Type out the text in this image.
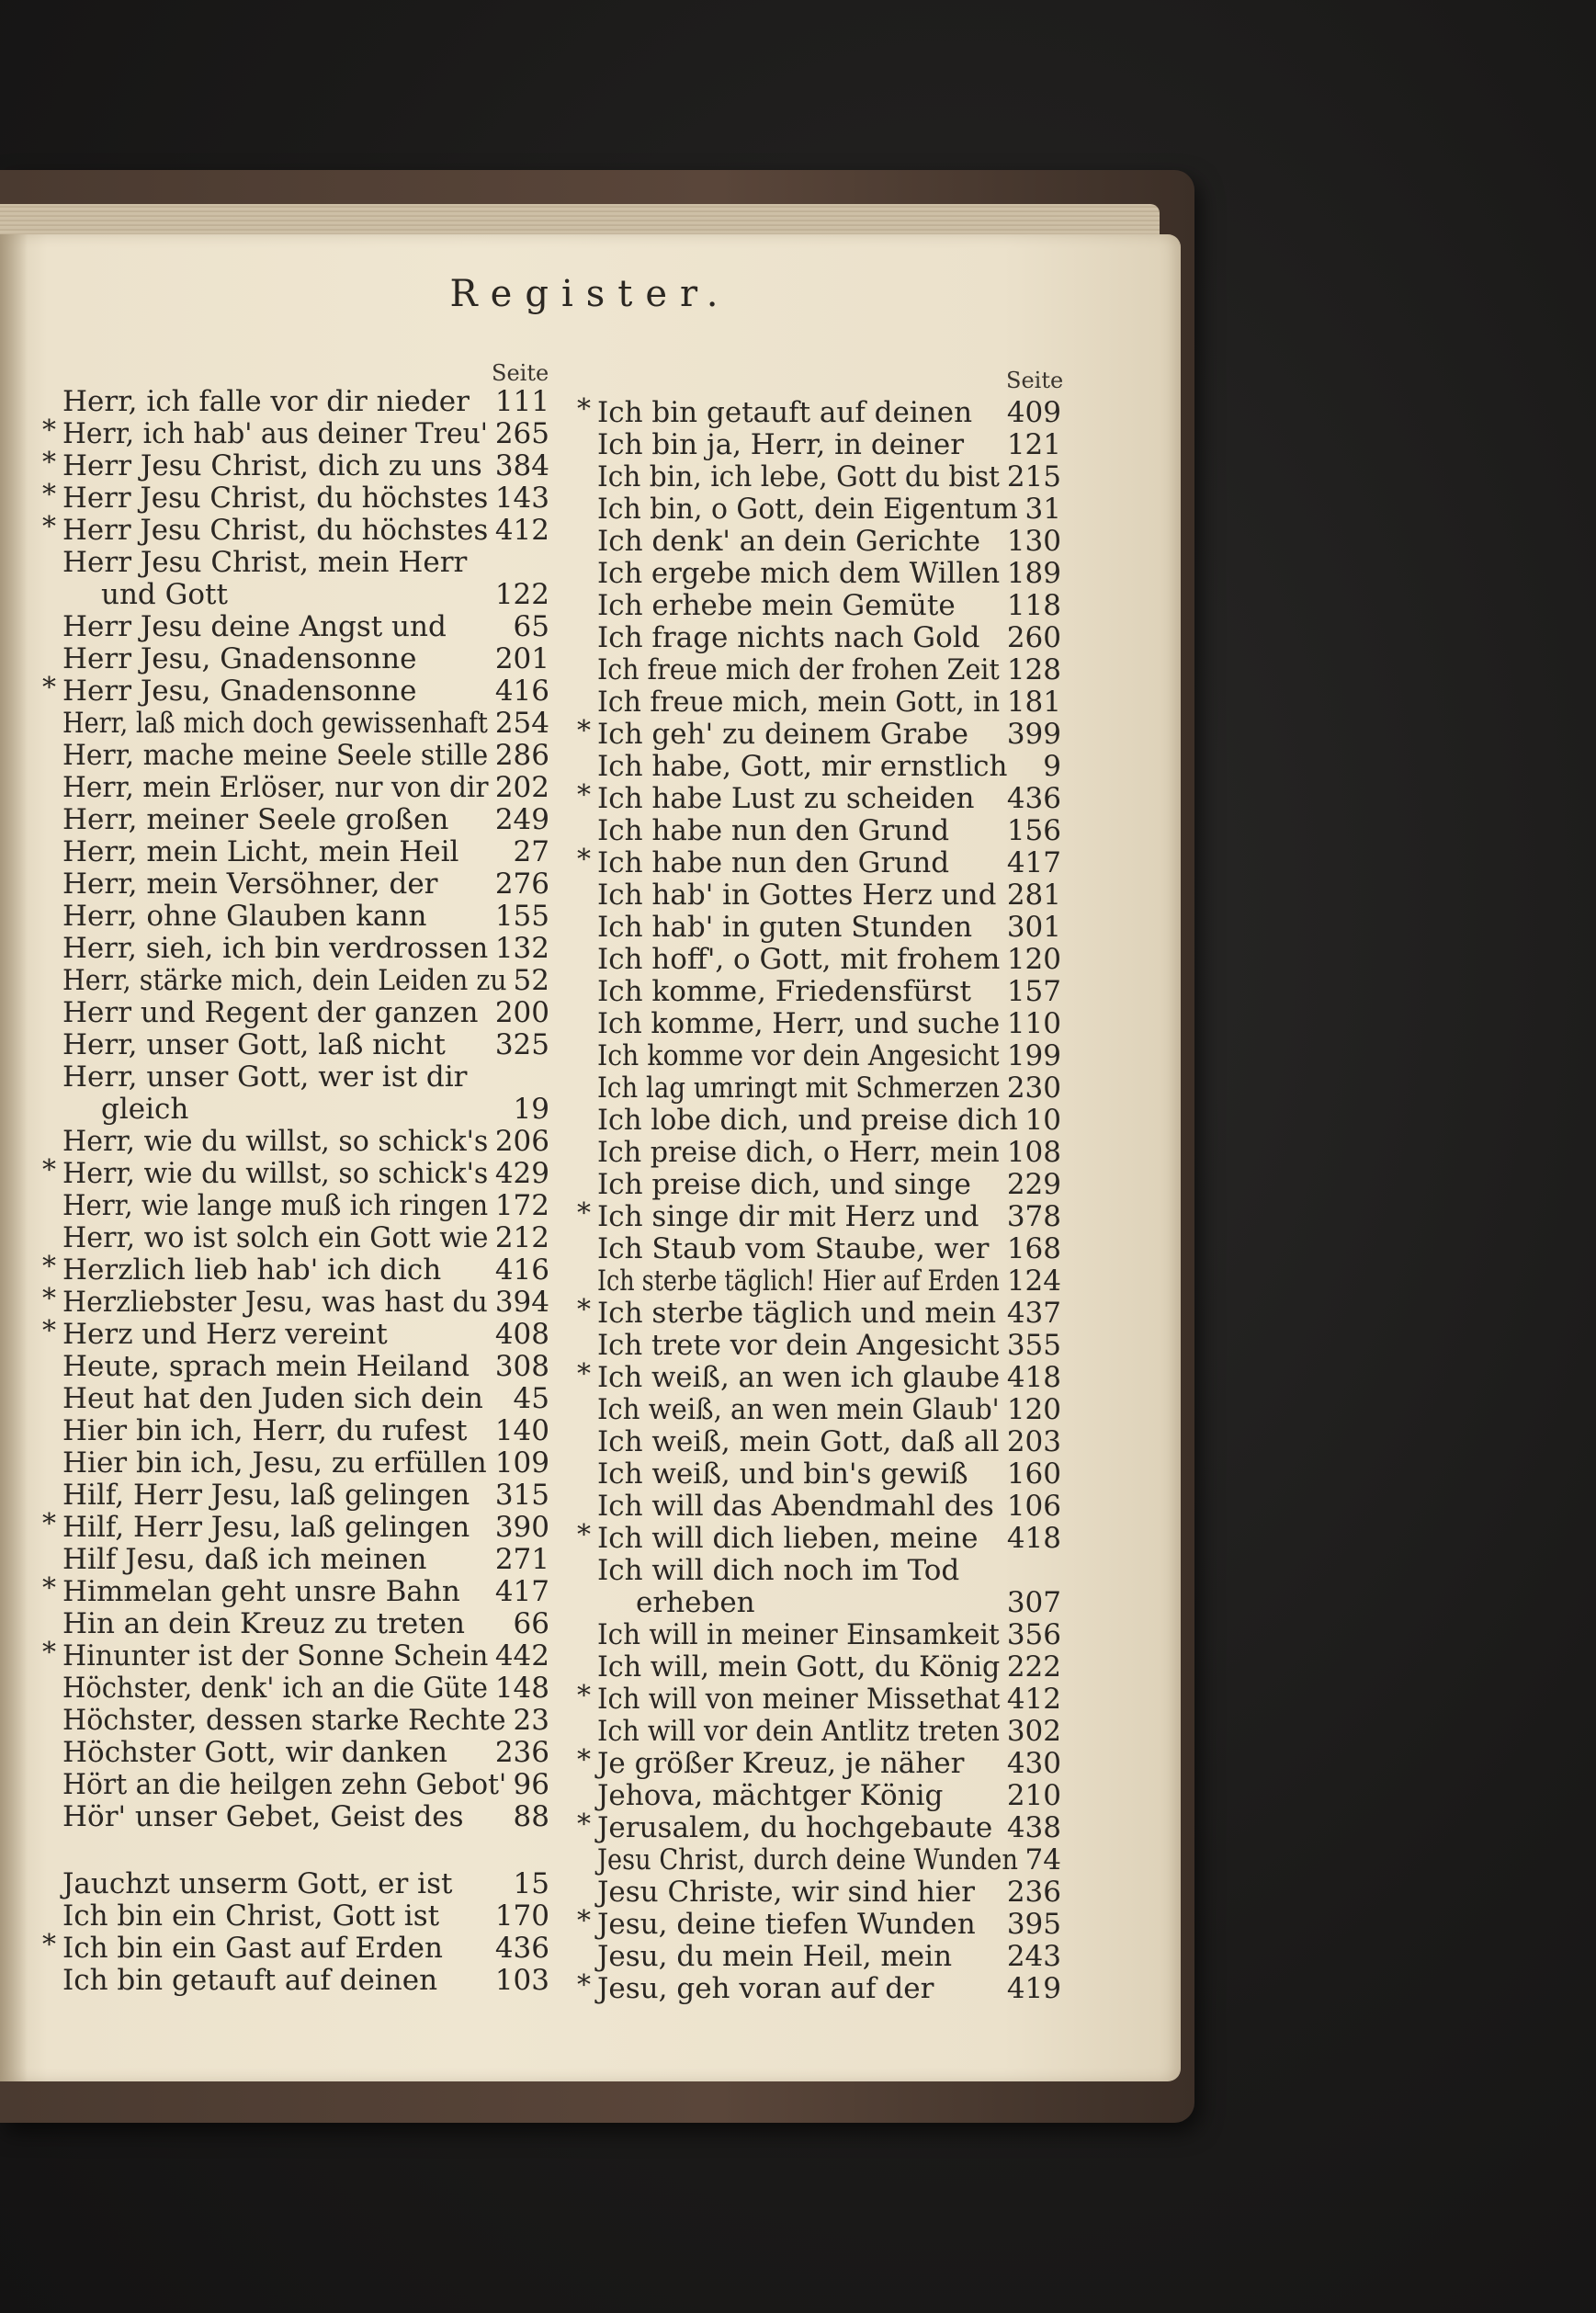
Register.
Seite	Seite
Herr, ich falle vor dir nieder 111
* Herr, ich hab' aus deiner Treu' 265
* Herr Jesu Christ, dich zu uns 384
* Herr Jesu Christ, du höchstes 143
* Herr Jesu Christ, du höchstes 412
Herr Jesu Christ, mein Herr
und Gott	122
Herr Jesu deine Angst und 65
Herr Jesu, Gnadensonne	201
* Herr Jesu, Gnadensonne	416
Herr, laß mich doch gewissenhaft 254
Herr, mache meine Seele stille 286
Herr, mein Erlöser, nur von dir 202
Herr, meiner Seele großen 249
Herr, mein Licht, mein Heil 27
Herr, mein Versöhner, der 276
Herr, ohne Glauben kann 155
Herr, sieh, ich bin verdrossen 132
Herr, stärke mich, dein Leiden zu 52
Herr und Regent der ganzen 200
Herr, unser Gott, laß nicht 325
Herr, unser Gott, wer ist dir
gleich	19
Herr, wie du willst, so schick's 206
* Herr, wie du willst, so schick's 429
Herr, wie lange muß ich ringen 172
Herr, wo ist solch ein Gott wie 212
* Herzlich lieb hab' ich dich 416
* Herzliebster Jesu, was hast du 394
* Herz und Herz vereint	408
Heute, sprach mein Heiland 308
Heut hat den Juden sich dein 45
Hier bin ich, Herr, du rufest 140
Hier bin ich, Jesu, zu erfüllen 109
Hilf, Herr Jesu, laß gelingen 315
* Hilf, Herr Jesu, laß gelingen 390
Hilf Jesu, daß ich meinen 271
* Himmelan geht unsre Bahn 417
Hin an dein Kreuz zu treten 66
* Hinunter ist der Sonne Schein 442
Höchster, denk' ich an die Güte 148
Höchster, dessen starke Rechte 23
Höchster Gott, wir danken 236
Hört an die heilgen zehn Gebot' 96
Hör' unser Gebet, Geist des 88
Jauchzt unserm Gott, er ist 15
Ich bin ein Christ, Gott ist 170
* Ich bin ein Gast auf Erden 436
Ich bin getauft auf deinen 103
* Ich bin getauft auf deinen 409
Ich bin ja, Herr, in deiner 121
Ich bin, ich lebe, Gott du bist 215
Ich bin, o Gott, dein Eigentum 31
Ich denk' an dein Gerichte 130
Ich ergebe mich dem Willen 189
Ich erhebe mein Gemüte 118
Ich frage nichts nach Gold 260
Ich freue mich der frohen Zeit 128
Ich freue mich, mein Gott, in 181
* Ich geh' zu deinem Grabe 399
Ich habe, Gott, mir ernstlich 9
* Ich habe Lust zu scheiden 436
Ich habe nun den Grund 156
* Ich habe nun den Grund 417
Ich hab' in Gottes Herz und 281
Ich hab' in guten Stunden 301
Ich hoff', o Gott, mit frohem 120
Ich komme, Friedensfürst 157
Ich komme, Herr, und suche 110
Ich komme vor dein Angesicht 199
Ich lag umringt mit Schmerzen 230
Ich lobe dich, und preise dich 10
Ich preise dich, o Herr, mein 108
Ich preise dich, und singe 229
* Ich singe dir mit Herz und 378
Ich Staub vom Staube, wer 168
Ich sterbe täglich! Hier auf Erden 124
* Ich sterbe täglich und mein 437
Ich trete vor dein Angesicht 355
* Ich weiß, an wen ich glaube 418
Ich weiß, an wen mein Glaub' 120
Ich weiß, mein Gott, daß all 203
Ich weiß, und bin's gewiß 160
Ich will das Abendmahl des 106
* Ich will dich lieben, meine 418
Ich will dich noch im Tod
erheben	307
Ich will in meiner Einsamkeit 356
Ich will, mein Gott, du König 222
* Ich will von meiner Missethat 412
Ich will vor dein Antlitz treten 302
* Je größer Kreuz, je näher 430
Jehova, mächtger König 210
* Jerusalem, du hochgebaute 438
Jesu Christ, durch deine Wunden 74
Jesu Christe, wir sind hier 236
* Jesu, deine tiefen Wunden 395
Jesu, du mein Heil, mein 243
* Jesu, geh voran auf der	419
